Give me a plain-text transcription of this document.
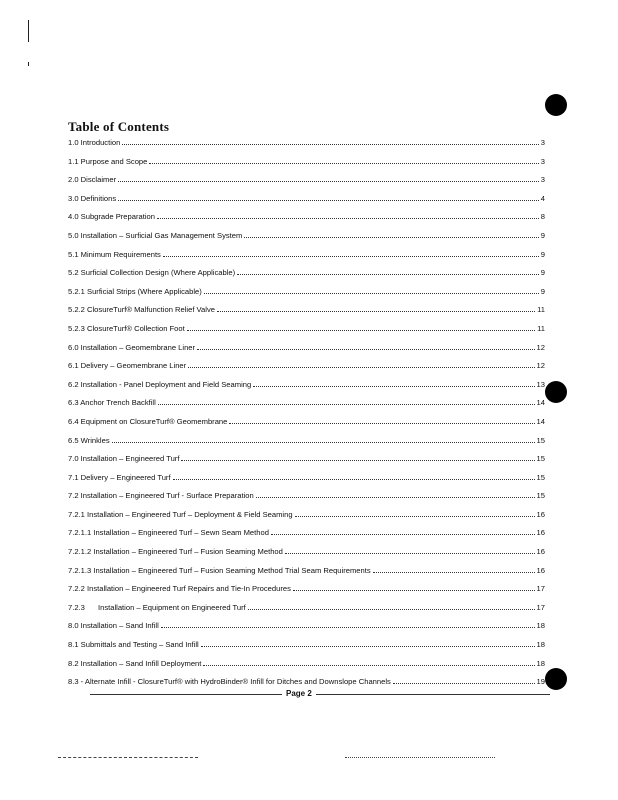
Table of Contents
1.0 Introduction	3
1.1 Purpose and Scope	3
2.0 Disclaimer	3
3.0 Definitions	4
4.0 Subgrade Preparation	8
5.0 Installation – Surficial Gas Management System	9
5.1 Minimum Requirements	9
5.2 Surficial Collection Design (Where Applicable)	9
5.2.1 Surficial Strips (Where Applicable)	9
5.2.2 ClosureTurf® Malfunction Relief Valve	11
5.2.3 ClosureTurf® Collection Foot	11
6.0 Installation – Geomembrane Liner	12
6.1 Delivery – Geomembrane Liner	12
6.2 Installation - Panel Deployment and Field Seaming	13
6.3 Anchor Trench Backfill	14
6.4 Equipment on ClosureTurf® Geomembrane	14
6.5 Wrinkles	15
7.0 Installation – Engineered Turf	15
7.1 Delivery – Engineered Turf	15
7.2 Installation – Engineered Turf - Surface Preparation	15
7.2.1 Installation – Engineered Turf – Deployment & Field Seaming	16
7.2.1.1 Installation – Engineered Turf – Sewn Seam Method	16
7.2.1.2 Installation – Engineered Turf – Fusion Seaming Method	16
7.2.1.3 Installation – Engineered Turf – Fusion Seaming Method Trial Seam Requirements	16
7.2.2 Installation – Engineered Turf Repairs and Tie-In Procedures	17
7.2.3 Installation – Equipment on Engineered Turf	17
8.0 Installation – Sand Infill	18
8.1 Submittals and Testing – Sand Infill	18
8.2 Installation – Sand Infill Deployment	18
8.3 - Alternate Infill - ClosureTurf® with HydroBinder® Infill for Ditches and Downslope Channels	19
Page 2
